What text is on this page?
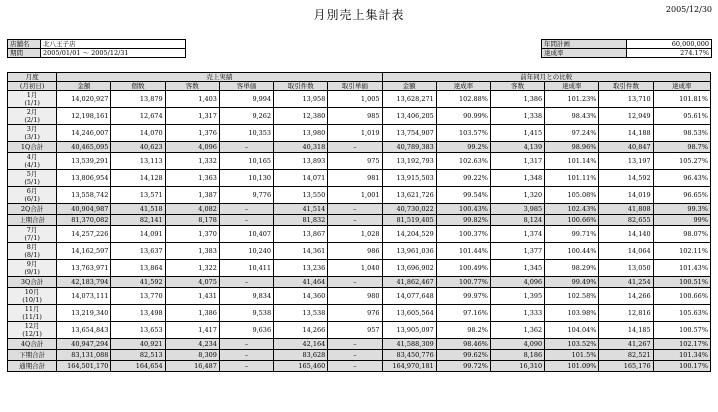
月別売上集計表	2005/12/30
店舗名	北八王子店
期間	2005/01/01 ～ 2005/12/31
年間計画	60,000,000
達成率	274.17%
月度	売上実績						前年同月との比較					
(月初日)	金額	個数	客数	客単価	取引件数	取引単価	金額	達成率	客数	達成率	取引件数	達成率

1月
(1/1)	14,020,927	13,879	1,403	9,994	13,958	1,005	13,628,271	102.88%	1,386	101.23%	13,710	101.81%

2月
(2/1)	12,198,161	12,674	1,317	9,262	12,380	985	13,406,205	90.99%	1,338	98.43%	12,949	95.61%

3月
(3/1)	14,246,007	14,070	1,376	10,353	13,980	1,019	13,754,907	103.57%	1,415	97.24%	14,188	98.53%

1Q合計	40,465,095	40,623	4,096	–	40,318	–	40,789,383	99.2%	4,139	98.96%	40,847	98.7%

4月
(4/1)	13,539,291	13,113	1,332	10,165	13,893	975	13,192,793	102.63%	1,317	101.14%	13,197	105.27%

5月
(5/1)	13,806,954	14,128	1,363	10,130	14,071	981	13,915,503	99.22%	1,348	101.11%	14,592	96.43%

6月
(6/1)	13,558,742	13,571	1,387	9,776	13,550	1,001	13,621,726	99.54%	1,320	105.08%	14,019	96.65%

2Q合計	40,904,987	41,518	4,082	–	41,514	–	40,730,022	100.43%	3,985	102.43%	41,808	99.3%

上期合計	81,370,082	82,141	8,178	–	81,832	–	81,519,405	99.82%	8,124	100.66%	82,655	99%

7月
(7/1)	14,257,226	14,091	1,370	10,407	13,867	1,028	14,204,529	100.37%	1,374	99.71%	14,140	98.07%

8月
(8/1)	14,162,597	13,637	1,383	10,240	14,361	986	13,961,036	101.44%	1,377	100.44%	14,064	102.11%

9月
(9/1)	13,763,971	13,864	1,322	10,411	13,236	1,040	13,696,902	100.49%	1,345	98.29%	13,050	101.43%

3Q合計	42,183,794	41,592	4,075	–	41,464	–	41,862,467	100.77%	4,096	99.49%	41,254	100.51%

10月
(10/1)	14,073,111	13,770	1,431	9,834	14,360	980	14,077,648	99.97%	1,395	102.58%	14,266	100.66%

11月
(11/1)	13,219,340	13,498	1,386	9,538	13,538	976	13,605,564	97.16%	1,333	103.98%	12,816	105.63%

12月
(12/1)	13,654,843	13,653	1,417	9,636	14,266	957	13,905,097	98.2%	1,362	104.04%	14,185	100.57%

4Q合計	40,947,294	40,921	4,234	–	42,164	–	41,588,309	98.46%	4,090	103.52%	41,267	102.17%

下期合計	83,131,088	82,513	8,309	–	83,628	–	83,450,776	99.62%	8,186	101.5%	82,521	101.34%

通期合計	164,501,170	164,654	16,487	–	165,460	–	164,970,181	99.72%	16,310	101.09%	165,176	100.17%
